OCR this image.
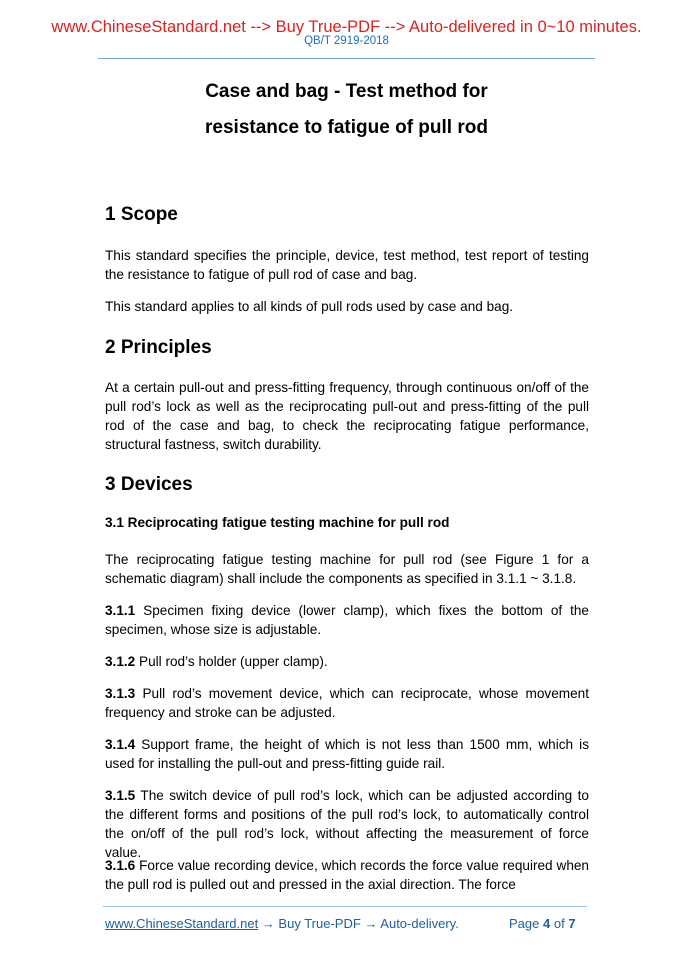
www.ChineseStandard.net --> Buy True-PDF --> Auto-delivered in 0~10 minutes.
QB/T 2919-2018
Case and bag - Test method for
resistance to fatigue of pull rod
1 Scope
This standard specifies the principle, device, test method, test report of testing the resistance to fatigue of pull rod of case and bag.
This standard applies to all kinds of pull rods used by case and bag.
2 Principles
At a certain pull-out and press-fitting frequency, through continuous on/off of the pull rod’s lock as well as the reciprocating pull-out and press-fitting of the pull rod of the case and bag, to check the reciprocating fatigue performance, structural fastness, switch durability.
3 Devices
3.1 Reciprocating fatigue testing machine for pull rod
The reciprocating fatigue testing machine for pull rod (see Figure 1 for a schematic diagram) shall include the components as specified in 3.1.1 ~ 3.1.8.
3.1.1 Specimen fixing device (lower clamp), which fixes the bottom of the specimen, whose size is adjustable.
3.1.2 Pull rod’s holder (upper clamp).
3.1.3 Pull rod’s movement device, which can reciprocate, whose movement frequency and stroke can be adjusted.
3.1.4 Support frame, the height of which is not less than 1500 mm, which is used for installing the pull-out and press-fitting guide rail.
3.1.5 The switch device of pull rod’s lock, which can be adjusted according to the different forms and positions of the pull rod’s lock, to automatically control the on/off of the pull rod’s lock, without affecting the measurement of force value.
3.1.6 Force value recording device, which records the force value required when the pull rod is pulled out and pressed in the axial direction. The force
www.ChineseStandard.net → Buy True-PDF → Auto-delivery.	Page 4 of 7
